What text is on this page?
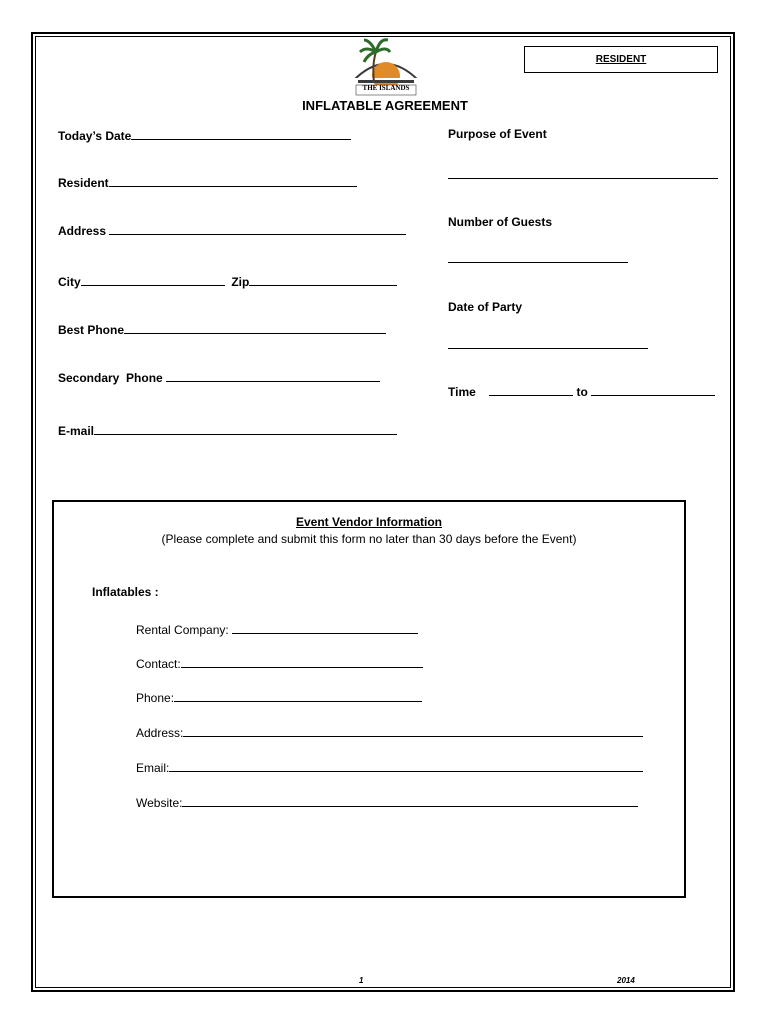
THE ISLANDS
RESIDENT
INFLATABLE AGREEMENT
Today’s Date
Resident
Address
City	Zip
Best Phone
Secondary  Phone
E-mail
Purpose of Event
Number of Guests
Date of Party
Time	to
Event Vendor Information
(Please complete and submit this form no later than 30 days before the Event)
Inflatables :
Rental Company:
Contact:
Phone:
Address:
Email:
Website:
1	2014
